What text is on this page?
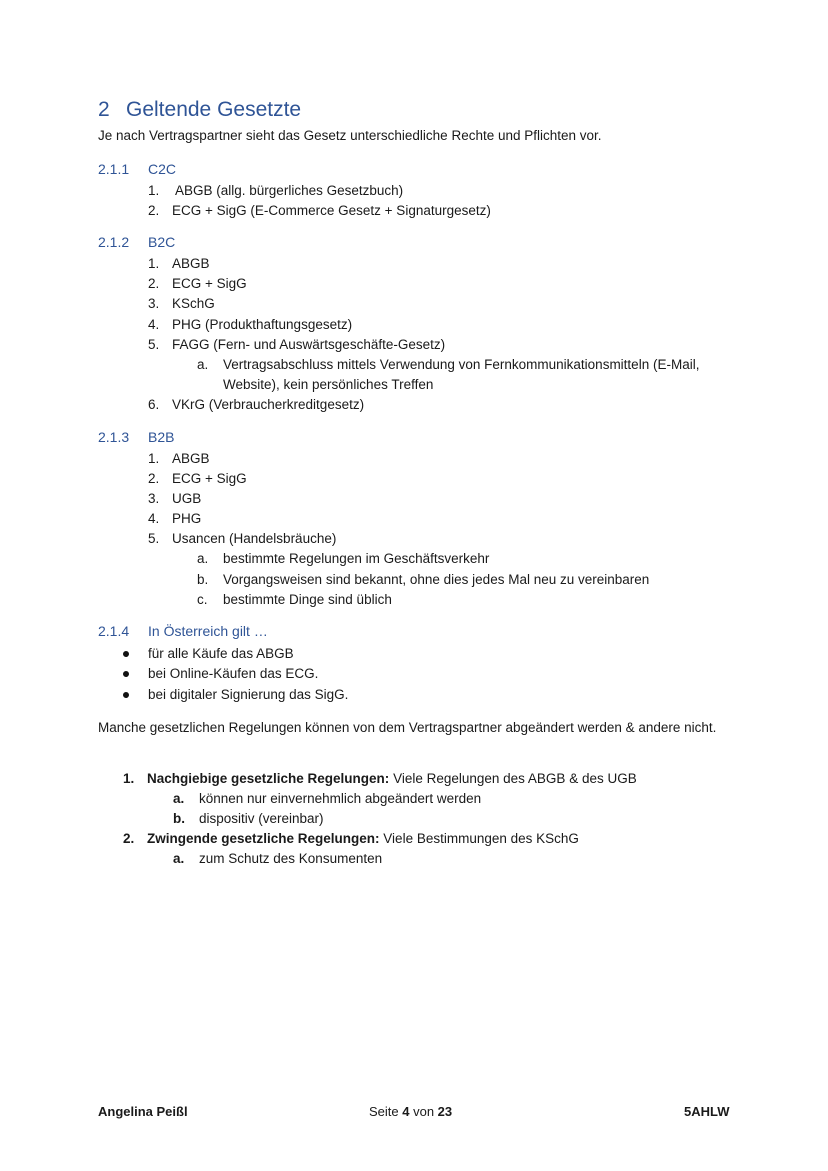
2 Geltende Gesetzte
Je nach Vertragspartner sieht das Gesetz unterschiedliche Rechte und Pflichten vor.
2.1.1 C2C
1. ABGB (allg. bürgerliches Gesetzbuch)
2. ECG + SigG (E-Commerce Gesetz + Signaturgesetz)
2.1.2 B2C
1. ABGB
2. ECG + SigG
3. KSchG
4. PHG (Produkthaftungsgesetz)
5. FAGG (Fern- und Auswärtsgeschäfte-Gesetz)
a. Vertragsabschluss mittels Verwendung von Fernkommunikationsmitteln (E-Mail,
Website), kein persönliches Treffen
6. VKrG (Verbraucherkreditgesetz)
2.1.3 B2B
1. ABGB
2. ECG + SigG
3. UGB
4. PHG
5. Usancen (Handelsbräuche)
a. bestimmte Regelungen im Geschäftsverkehr
b. Vorgangsweisen sind bekannt, ohne dies jedes Mal neu zu vereinbaren
c. bestimmte Dinge sind üblich
2.1.4 In Österreich gilt …
für alle Käufe das ABGB
bei Online-Käufen das ECG.
bei digitaler Signierung das SigG.
Manche gesetzlichen Regelungen können von dem Vertragspartner abgeändert werden & andere nicht.
1. Nachgiebige gesetzliche Regelungen: Viele Regelungen des ABGB & des UGB
a. können nur einvernehmlich abgeändert werden
b. dispositiv (vereinbar)
2. Zwingende gesetzliche Regelungen: Viele Bestimmungen des KSchG
a. zum Schutz des Konsumenten
Angelina Peißl	Seite 4 von 23	5AHLW
